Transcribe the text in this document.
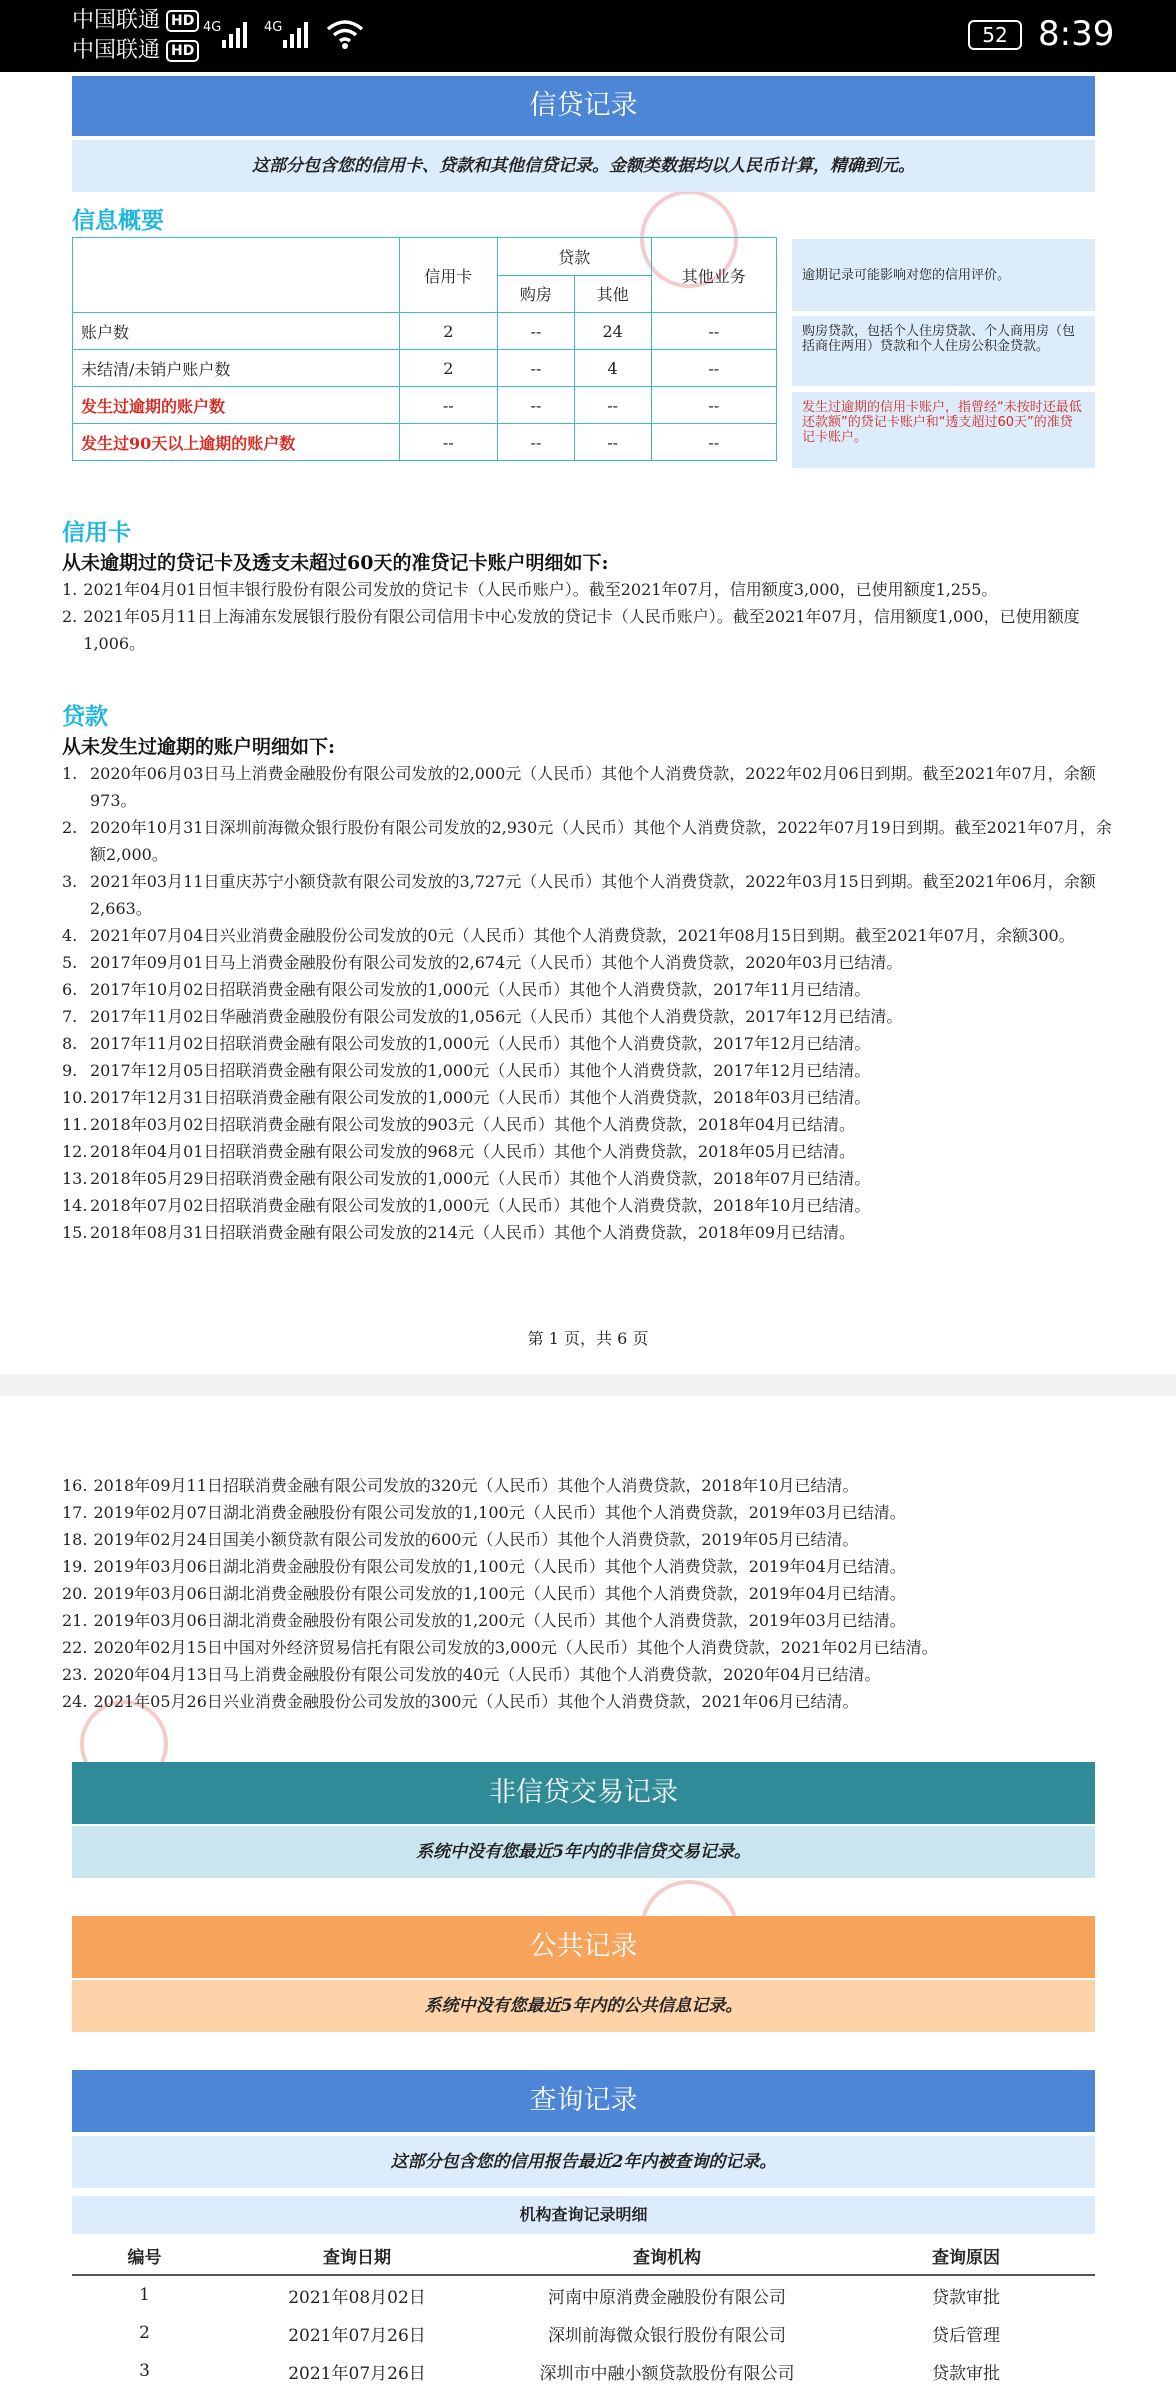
中国联通 HD
中国联通 HD
4G	4G	52 8:39
信贷记录
这部分包含您的信用卡、贷款和其他信贷记录。金额类数据均以人民币计算，精确到元。
信息概要
	信用卡	贷款		其他业务
		购房	其他	
账户数	2	--	24	--
未结清/未销户账户数	2	--	4	--
发生过逾期的账户数	--	--	--	--
发生过90天以上逾期的账户数	--	--	--	--
逾期记录可能影响对您的信用评价。
购房贷款，包括个人住房贷款、个人商用房（包括商住两用）贷款和个人住房公积金贷款。
发生过逾期的信用卡账户，指曾经“未按时还最低还款额”的贷记卡账户和“透支超过60天”的准贷记卡账户。
信用卡
从未逾期过的贷记卡及透支未超过60天的准贷记卡账户明细如下:
1. 2021年04月01日恒丰银行股份有限公司发放的贷记卡（人民币账户）。截至2021年07月，信用额度3,000，已使用额度1,255。
2. 2021年05月11日上海浦东发展银行股份有限公司信用卡中心发放的贷记卡（人民币账户）。截至2021年07月，信用额度1,000，已使用额度1,006。
贷款
从未发生过逾期的账户明细如下:
1. 2020年06月03日马上消费金融股份有限公司发放的2,000元（人民币）其他个人消费贷款，2022年02月06日到期。截至2021年07月，余额973。
2. 2020年10月31日深圳前海微众银行股份有限公司发放的2,930元（人民币）其他个人消费贷款，2022年07月19日到期。截至2021年07月，余额2,000。
3. 2021年03月11日重庆苏宁小额贷款有限公司发放的3,727元（人民币）其他个人消费贷款，2022年03月15日到期。截至2021年06月，余额2,663。
4. 2021年07月04日兴业消费金融股份公司发放的0元（人民币）其他个人消费贷款，2021年08月15日到期。截至2021年07月，余额300。
5. 2017年09月01日马上消费金融股份有限公司发放的2,674元（人民币）其他个人消费贷款，2020年03月已结清。
6. 2017年10月02日招联消费金融有限公司发放的1,000元（人民币）其他个人消费贷款，2017年11月已结清。
7. 2017年11月02日华融消费金融股份有限公司发放的1,056元（人民币）其他个人消费贷款，2017年12月已结清。
8. 2017年11月02日招联消费金融有限公司发放的1,000元（人民币）其他个人消费贷款，2017年12月已结清。
9. 2017年12月05日招联消费金融有限公司发放的1,000元（人民币）其他个人消费贷款，2017年12月已结清。
10. 2017年12月31日招联消费金融有限公司发放的1,000元（人民币）其他个人消费贷款，2018年03月已结清。
11. 2018年03月02日招联消费金融有限公司发放的903元（人民币）其他个人消费贷款，2018年04月已结清。
12. 2018年04月01日招联消费金融有限公司发放的968元（人民币）其他个人消费贷款，2018年05月已结清。
13. 2018年05月29日招联消费金融有限公司发放的1,000元（人民币）其他个人消费贷款，2018年07月已结清。
14. 2018年07月02日招联消费金融有限公司发放的1,000元（人民币）其他个人消费贷款，2018年10月已结清。
15. 2018年08月31日招联消费金融有限公司发放的214元（人民币）其他个人消费贷款，2018年09月已结清。
第 1 页，共 6 页
16. 2018年09月11日招联消费金融有限公司发放的320元（人民币）其他个人消费贷款，2018年10月已结清。
17. 2019年02月07日湖北消费金融股份有限公司发放的1,100元（人民币）其他个人消费贷款，2019年03月已结清。
18. 2019年02月24日国美小额贷款有限公司发放的600元（人民币）其他个人消费贷款，2019年05月已结清。
19. 2019年03月06日湖北消费金融股份有限公司发放的1,100元（人民币）其他个人消费贷款，2019年04月已结清。
20. 2019年03月06日湖北消费金融股份有限公司发放的1,100元（人民币）其他个人消费贷款，2019年04月已结清。
21. 2019年03月06日湖北消费金融股份有限公司发放的1,200元（人民币）其他个人消费贷款，2019年03月已结清。
22. 2020年02月15日中国对外经济贸易信托有限公司发放的3,000元（人民币）其他个人消费贷款，2021年02月已结清。
23. 2020年04月13日马上消费金融股份有限公司发放的40元（人民币）其他个人消费贷款，2020年04月已结清。
24. 2021年05月26日兴业消费金融股份公司发放的300元（人民币）其他个人消费贷款，2021年06月已结清。
非信贷交易记录
系统中没有您最近5年内的非信贷交易记录。
公共记录
系统中没有您最近5年内的公共信息记录。
查询记录
这部分包含您的信用报告最近2年内被查询的记录。
机构查询记录明细
编号	查询日期	查询机构	查询原因
1	2021年08月02日	河南中原消费金融股份有限公司	贷款审批
2	2021年07月26日	深圳前海微众银行股份有限公司	贷后管理
3	2021年07月26日	深圳市中融小额贷款股份有限公司	贷款审批
